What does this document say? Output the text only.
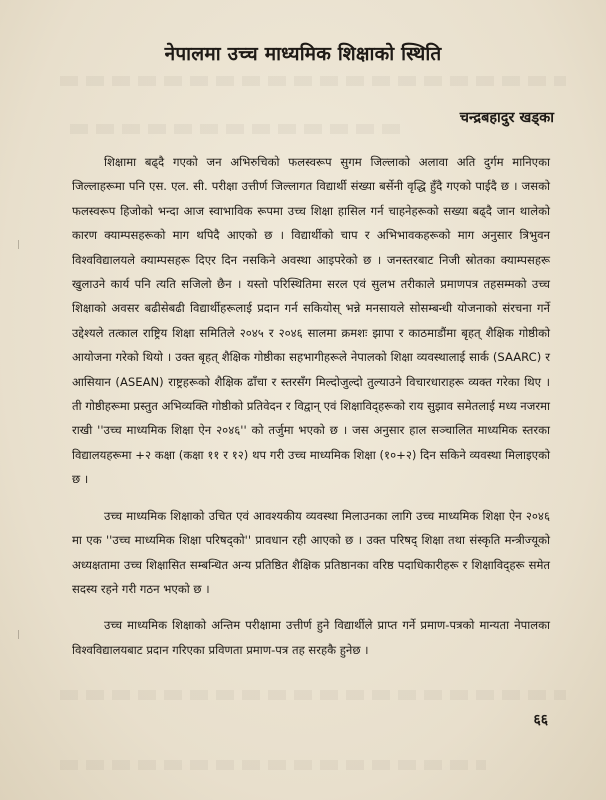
नेपालमा उच्च माध्यमिक शिक्षाको स्थिति

चन्द्रबहादुर खड्का

शिक्षामा बढ्दै गएको जन अभिरुचिको फलस्वरूप सुगम जिल्लाको अलावा अति दुर्गम मानिएका जिल्लाहरूमा पनि एस. एल. सी. परीक्षा उत्तीर्ण जिल्लागत विद्यार्थी संख्या बर्सेनी वृद्धि हुँदै गएको पाईदै छ । जसको फलस्वरूप हिजोको भन्दा आज स्वाभाविक रूपमा उच्च शिक्षा हासिल गर्न चाहनेहरूको सख्या बढ्दै जान थालेको कारण क्याम्पसहरूको माग थपिदै आएको छ । विद्यार्थीको चाप र अभिभावकहरूको माग अनुसार त्रिभुवन विश्वविद्यालयले क्याम्पसहरू दिएर दिन नसकिने अवस्था आइपरेको छ । जनस्तरबाट निजी स्रोतका क्याम्पसहरू खुलाउने कार्य पनि त्यति सजिलो छैन । यस्तो परिस्थितिमा सरल एवं सुलभ तरीकाले प्रमाणपत्र तहसम्मको उच्च शिक्षाको अवसर बढीसेबढी विद्यार्थीहरूलाई प्रदान गर्न सकियोस् भन्ने मनसायले सोसम्बन्धी योजनाको संरचना गर्ने उद्देश्यले तत्काल राष्ट्रिय शिक्षा समितिले २०४५ र २०४६ सालमा क्रमशः झापा र काठमाडौंमा बृहत् शैक्षिक गोष्ठीको आयोजना गरेको थियो । उक्त बृहत् शैक्षिक गोष्ठीका सहभागीहरूले नेपालको शिक्षा व्यवस्थालाई सार्क (SAARC) र आसियान (ASEAN) राष्ट्रहरूको शैक्षिक ढाँचा र स्तरसँग मिल्दोजुल्दो तुल्याउने विचारधाराहरू व्यक्त गरेका थिए । ती गोष्ठीहरूमा प्रस्तुत अभिव्यक्ति गोष्ठीको प्रतिवेदन र विद्वान् एवं शिक्षाविद्हरूको राय सुझाव समेतलाई मध्य नजरमा राखी ''उच्च माध्यमिक शिक्षा ऐन २०४६'' को तर्जुमा भएको छ । जस अनुसार हाल सञ्चालित माध्यमिक स्तरका विद्यालयहरूमा +२ कक्षा (कक्षा ११ र १२) थप गरी उच्च माध्यमिक शिक्षा (१०+२) दिन सकिने व्यवस्था मिलाइएको छ ।

उच्च माध्यमिक शिक्षाको उचित एवं आवश्यकीय व्यवस्था मिलाउनका लागि उच्च माध्यमिक शिक्षा ऐन २०४६ मा एक ''उच्च माध्यमिक शिक्षा परिषद्को'' प्रावधान रही आएको छ । उक्त परिषद् शिक्षा तथा संस्कृति मन्त्रीज्यूको अध्यक्षतामा उच्च शिक्षासित सम्बन्धित अन्य प्रतिष्ठित शैक्षिक प्रतिष्ठानका वरिष्ठ पदाधिकारीहरू र शिक्षाविद्हरू समेत सदस्य रहने गरी गठन भएको छ ।

उच्च माध्यमिक शिक्षाको अन्तिम परीक्षामा उत्तीर्ण हुने विद्यार्थीले प्राप्त गर्ने प्रमाण-पत्रको मान्यता नेपालका विश्वविद्यालयबाट प्रदान गरिएका प्रविणता प्रमाण-पत्र तह सरहकै हुनेछ ।

६६
